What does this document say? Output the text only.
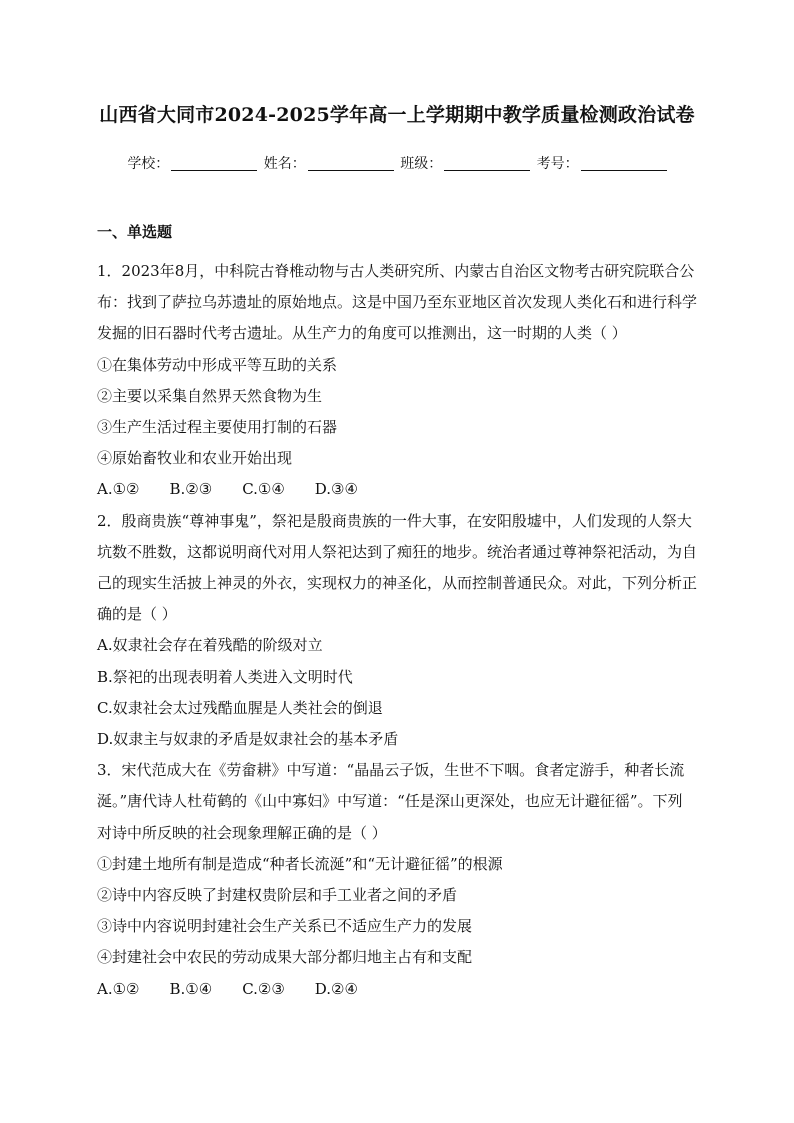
山西省大同市2024-2025学年高一上学期期中教学质量检测政治试卷
学校：	姓名：	班级：	考号：
一、单选题

1．2023年8月，中科院古脊椎动物与古人类研究所、内蒙古自治区文物考古研究院联合公布：找到了萨拉乌苏遗址的原始地点。这是中国乃至东亚地区首次发现人类化石和进行科学发掘的旧石器时代考古遗址。从生产力的角度可以推测出，这一时期的人类（ ）

①在集体劳动中形成平等互助的关系

②主要以采集自然界天然食物为生

③生产生活过程主要使用打制的石器

④原始畜牧业和农业开始出现

A.①② B.②③ C.①④ D.③④

2．殷商贵族“尊神事鬼”，祭祀是殷商贵族的一件大事，在安阳殷墟中，人们发现的人祭大坑数不胜数，这都说明商代对用人祭祀达到了痴狂的地步。统治者通过尊神祭祀活动，为自己的现实生活披上神灵的外衣，实现权力的神圣化，从而控制普通民众。对此，下列分析正确的是（ ）

A.奴隶社会存在着残酷的阶级对立

B.祭祀的出现表明着人类进入文明时代

C.奴隶社会太过残酷血腥是人类社会的倒退

D.奴隶主与奴隶的矛盾是奴隶社会的基本矛盾

3．宋代范成大在《劳畲耕》中写道：“晶晶云子饭，生世不下咽。食者定游手，种者长流涎。”唐代诗人杜荀鹤的《山中寡妇》中写道：“任是深山更深处，也应无计避征徭”。下列对诗中所反映的社会现象理解正确的是（ ）

①封建土地所有制是造成“种者长流涎”和“无计避征徭”的根源

②诗中内容反映了封建权贵阶层和手工业者之间的矛盾

③诗中内容说明封建社会生产关系已不适应生产力的发展

④封建社会中农民的劳动成果大部分都归地主占有和支配

A.①② B.①④ C.②③ D.②④
